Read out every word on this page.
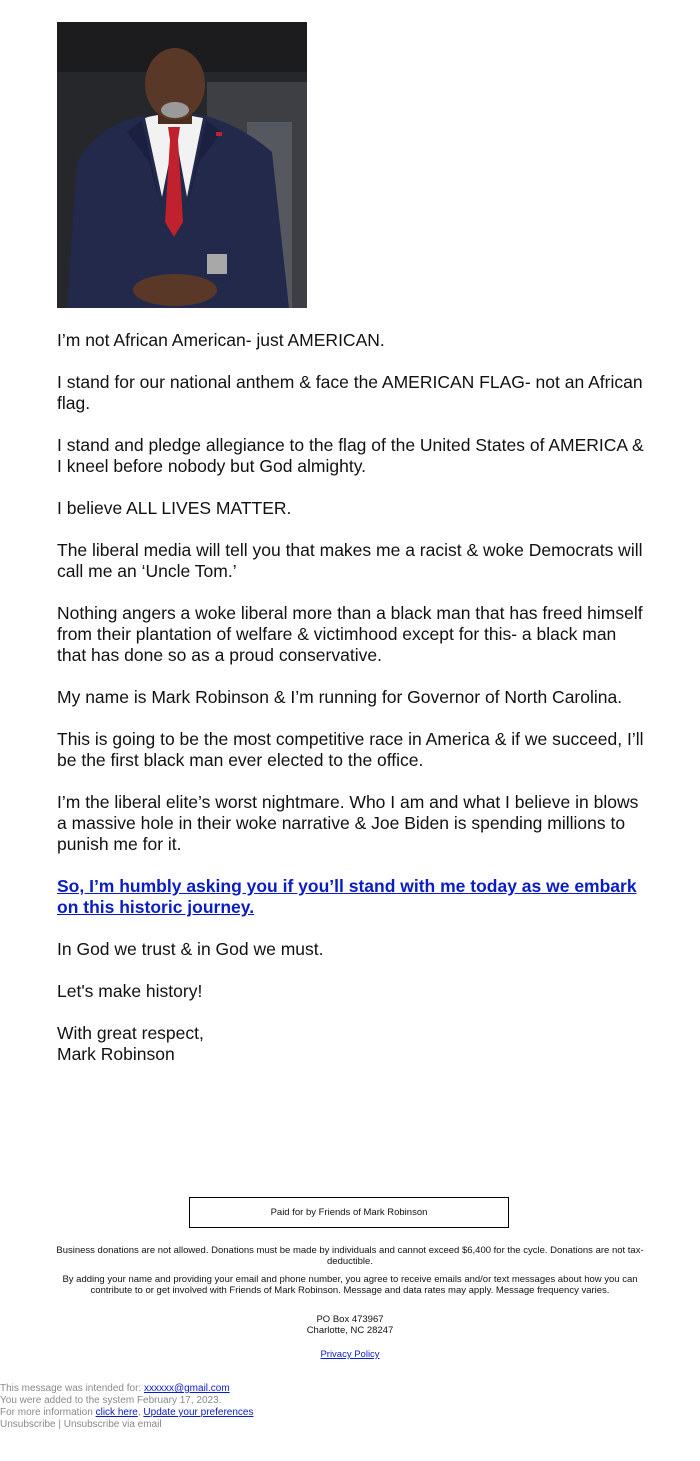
I’m not African American- just AMERICAN.

I stand for our national anthem & face the AMERICAN FLAG- not an African flag.

I stand and pledge allegiance to the flag of the United States of AMERICA & I kneel before nobody but God almighty.

I believe ALL LIVES MATTER.

The liberal media will tell you that makes me a racist & woke Democrats will call me an ‘Uncle Tom.’

Nothing angers a woke liberal more than a black man that has freed himself from their plantation of welfare & victimhood except for this- a black man that has done so as a proud conservative.

My name is Mark Robinson & I’m running for Governor of North Carolina.

This is going to be the most competitive race in America & if we succeed, I’ll be the first black man ever elected to the office.

I’m the liberal elite’s worst nightmare. Who I am and what I believe in blows a massive hole in their woke narrative & Joe Biden is spending millions to punish me for it.

So, I’m humbly asking you if you’ll stand with me today as we embark on this historic journey.

In God we trust & in God we must.

Let's make history!

With great respect,
Mark Robinson

Paid for by Friends of Mark Robinson
Business donations are not allowed. Donations must be made by individuals and cannot exceed $6,400 for the cycle. Donations are not tax-deductible.
By adding your name and providing your email and phone number, you agree to receive emails and/or text messages about how you can contribute to or get involved with Friends of Mark Robinson. Message and data rates may apply. Message frequency varies.
PO Box 473967
Charlotte, NC 28247
Privacy Policy
This message was intended for: xxxxxx@gmail.com
You were added to the system February 17, 2023.
For more information click here, Update your preferences
Unsubscribe | Unsubscribe via email
